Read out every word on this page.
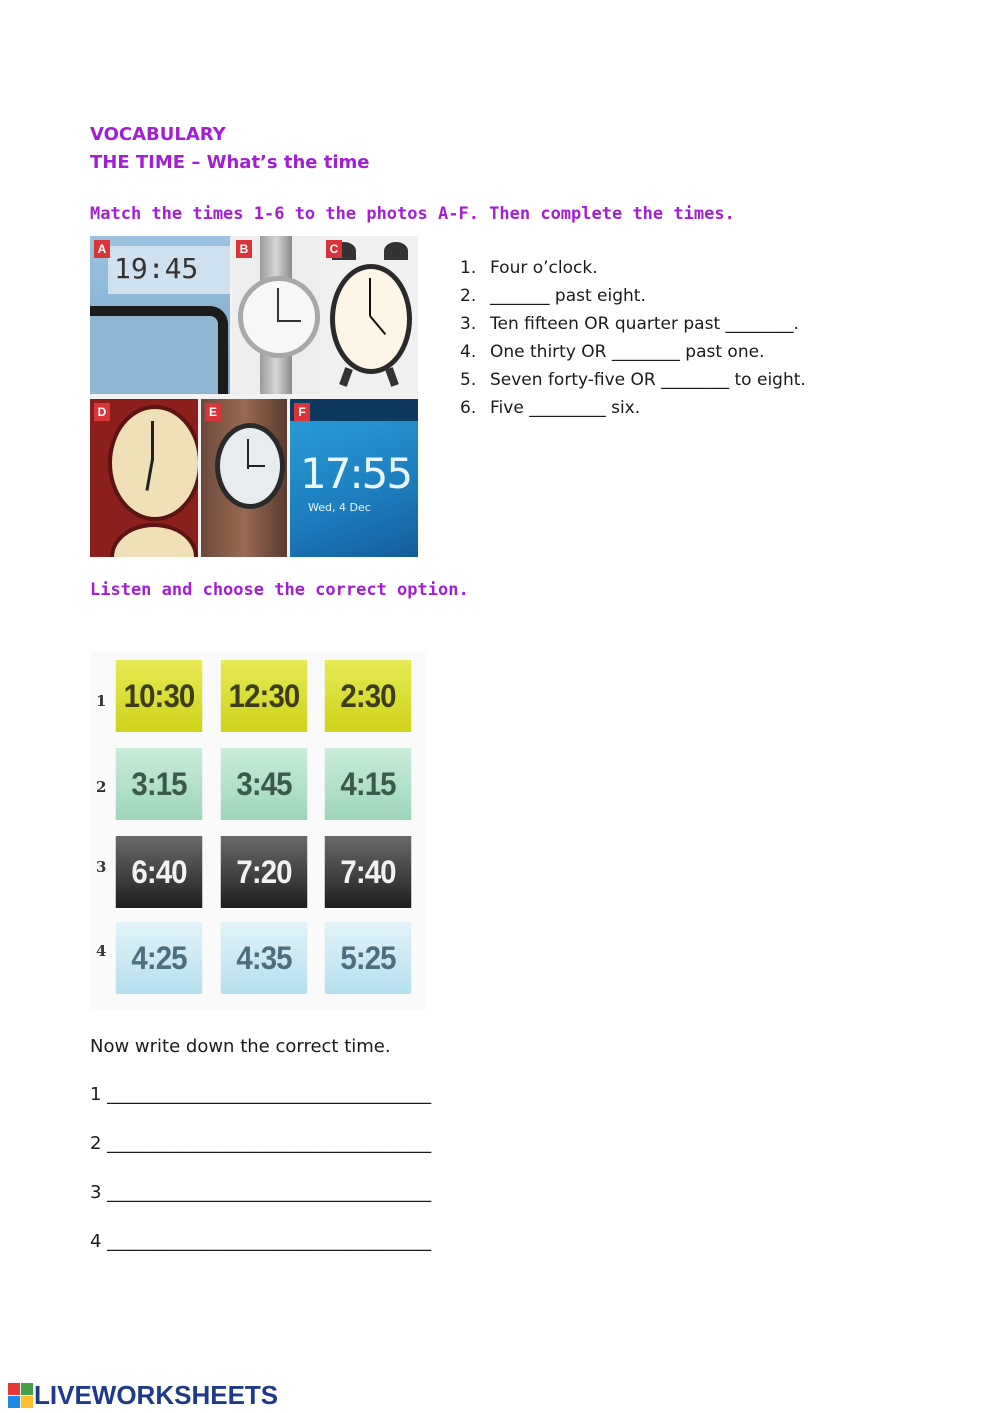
VOCABULARY
THE TIME – What’s the time
Match the times 1-6 to the photos A-F. Then complete the times.
19:45
A	B	C
D	E
17:55
Wed, 4 Dec
F
1. Four o’clock.
2. _______ past eight.
3. Ten fifteen OR quarter past ________.
4. One thirty OR ________ past one.
5. Seven forty-five OR ________ to eight.
6. Five _________ six.
Listen and choose the correct option.
1 10:30 12:30	2:30
2 3:15	3:45	4:15
3 6:40	7:20	7:40
4 4:25	4:35	5:25
Now write down the correct time.
1 ____________________________________
2 ____________________________________
3 ____________________________________
4 ____________________________________
LIVEWORKSHEETS
